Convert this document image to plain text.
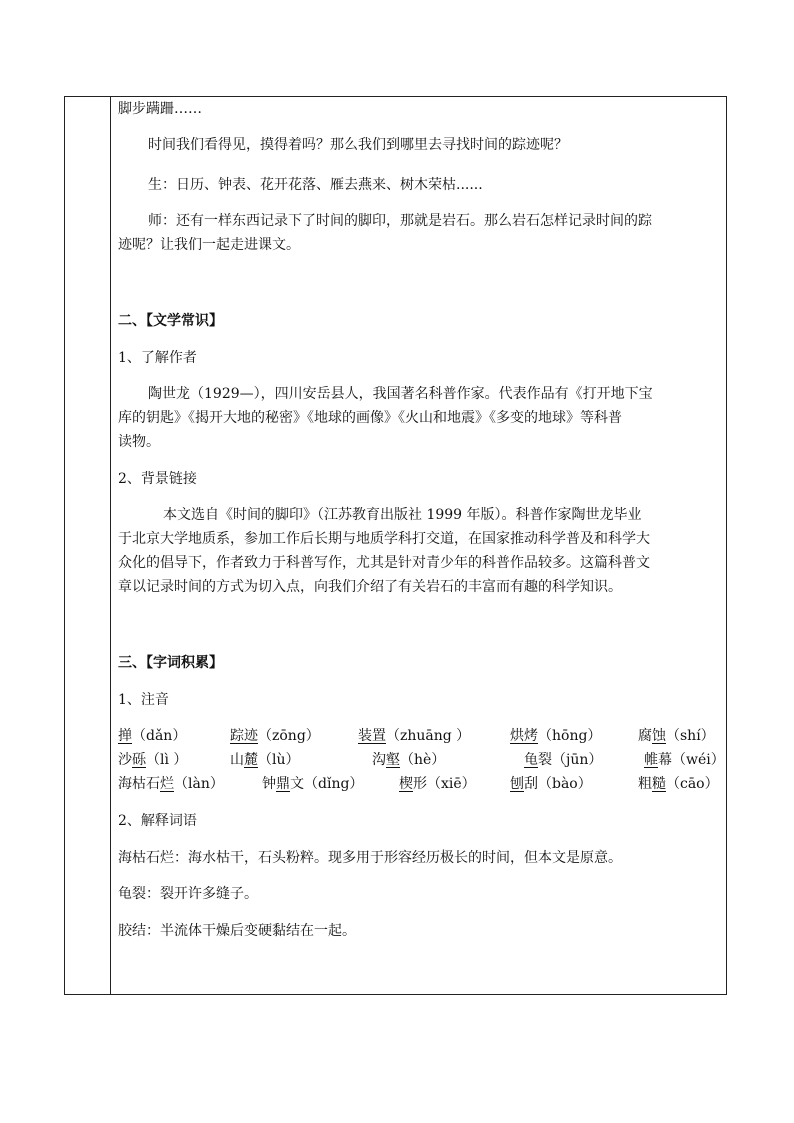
脚步蹒跚……

时间我们看得见，摸得着吗？那么我们到哪里去寻找时间的踪迹呢？

生：日历、钟表、花开花落、雁去燕来、树木荣枯......

师：还有一样东西记录下了时间的脚印，那就是岩石。那么岩石怎样记录时间的踪

迹呢？让我们一起走进课文。

二、【文学常识】

1、了解作者

陶世龙（1929—），四川安岳县人，我国著名科普作家。代表作品有《打开地下宝

库的钥匙》《揭开大地的秘密》《地球的画像》《火山和地震》《多变的地球》等科普

读物。

2、背景链接

本文选自《时间的脚印》（江苏教育出版社 1999 年版）。科普作家陶世龙毕业

于北京大学地质系，参加工作后长期与地质学科打交道，在国家推动科学普及和科学大

众化的倡导下，作者致力于科普写作，尤其是针对青少年的科普作品较多。这篇科普文

章以记录时间的方式为切入点，向我们介绍了有关岩石的丰富而有趣的科学知识。

三、【字词积累】

1、注音

掸（dǎn）	踪迹（zōng）	装置（zhuāng ）	烘烤（hōng）	腐蚀（shí）
沙砾（lì ）	山麓（lù）	沟壑（hè）	龟裂（jūn）	帷幕（wéi）
海枯石烂（làn）	钟鼎文（dǐng）	楔形（xiē） 刨刮（bào）	粗糙（cāo）

2、解释词语

海枯石烂：海水枯干，石头粉粹。现多用于形容经历极长的时间，但本文是原意。

龟裂：裂开许多缝子。

胶结：半流体干燥后变硬黏结在一起。
